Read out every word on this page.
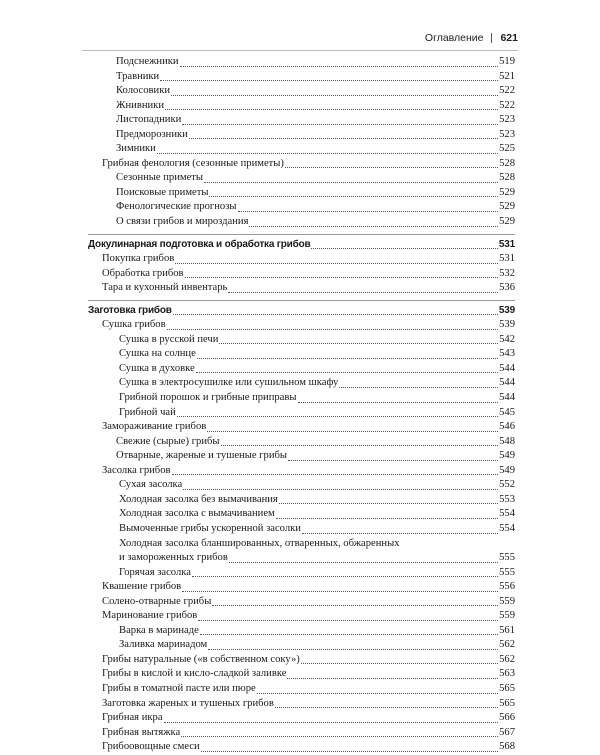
Оглавление 621
Подснежники	519
Травники	521
Колосовики	522
Жнивники	522
Листопадники	523
Предморозники	523
Зимники	525
Грибная фенология (сезонные приметы)	528
Сезонные приметы	528
Поисковые приметы	529
Фенологические прогнозы	529
О связи грибов и мироздания	529
Докулинарная подготовка и обработка грибов	531
Покупка грибов	531
Обработка грибов	532
Тара и кухонный инвентарь	536
Заготовка грибов	539
Сушка грибов	539
Сушка в русской печи	542
Сушка на солнце	543
Сушка в духовке	544
Сушка в электросушилке или сушильном шкафу	544
Грибной порошок и грибные приправы	544
Грибной чай	545
Замораживание грибов	546
Свежие (сырые) грибы	548
Отварные, жареные и тушеные грибы	549
Засолка грибов	549
Сухая засолка	552
Холодная засолка без вымачивания	553
Холодная засолка с вымачиванием	554
Вымоченные грибы ускоренной засолки	554
Холодная засолка бланшированных, отваренных, обжаренных
и замороженных грибов	555
Горячая засолка	555
Квашение грибов	556
Солено-отварные грибы	559
Маринование грибов	559
Варка в маринаде	561
Заливка маринадом	562
Грибы натуральные («в собственном соку»)	562
Грибы в кислой и кисло-сладкой заливке	563
Грибы в томатной пасте или пюре	565
Заготовка жареных и тушеных грибов	565
Грибная икра	566
Грибная вытяжка	567
Грибоовощные смеси	568
